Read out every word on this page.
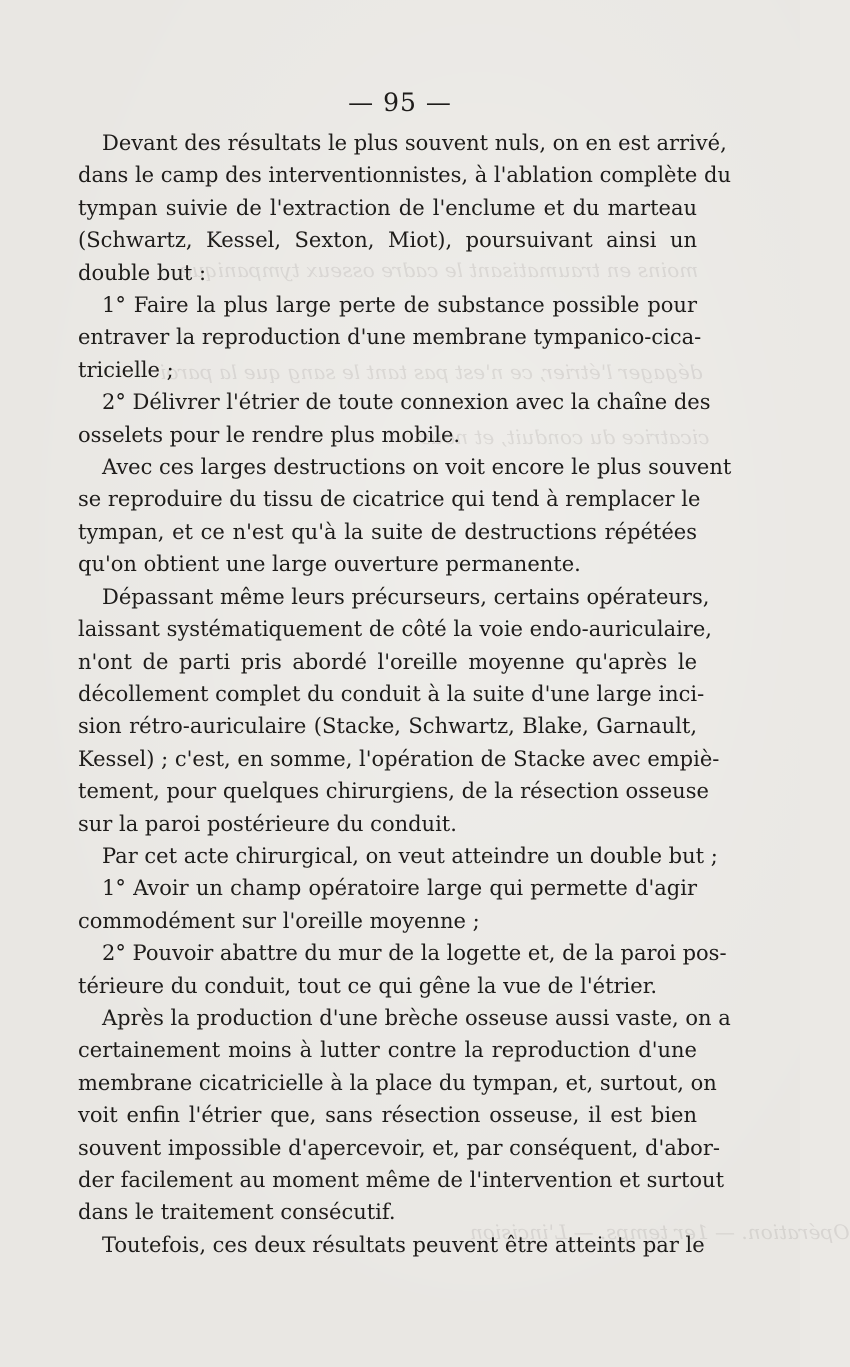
moins en traumatisant le cadre osseux tympanique
dégager l'étrier, ce n'est pas tant le sang que la paroi
cicatrice du conduit, et nous
Opération. — 1er temps. — L'incision
— 95 —
Devant des résultats le plus souvent nuls, on en est arrivé,
dans le camp des interventionnistes, à l'ablation complète du
tympan suivie de l'extraction de l'enclume et du marteau
(Schwartz, Kessel, Sexton, Miot), poursuivant ainsi un
double but :
1° Faire la plus large perte de substance possible pour
entraver la reproduction d'une membrane tympanico-cica-
tricielle ;
2° Délivrer l'étrier de toute connexion avec la chaîne des
osselets pour le rendre plus mobile.
Avec ces larges destructions on voit encore le plus souvent
se reproduire du tissu de cicatrice qui tend à remplacer le
tympan, et ce n'est qu'à la suite de destructions répétées
qu'on obtient une large ouverture permanente.
Dépassant même leurs précurseurs, certains opérateurs,
laissant systématiquement de côté la voie endo-auriculaire,
n'ont de parti pris abordé l'oreille moyenne qu'après le
décollement complet du conduit à la suite d'une large inci-
sion rétro-auriculaire (Stacke, Schwartz, Blake, Garnault,
Kessel) ; c'est, en somme, l'opération de Stacke avec empiè-
tement, pour quelques chirurgiens, de la résection osseuse
sur la paroi postérieure du conduit.
Par cet acte chirurgical, on veut atteindre un double but ;
1° Avoir un champ opératoire large qui permette d'agir
commodément sur l'oreille moyenne ;
2° Pouvoir abattre du mur de la logette et, de la paroi pos-
térieure du conduit, tout ce qui gêne la vue de l'étrier.
Après la production d'une brèche osseuse aussi vaste, on a
certainement moins à lutter contre la reproduction d'une
membrane cicatricielle à la place du tympan, et, surtout, on
voit enfin l'étrier que, sans résection osseuse, il est bien
souvent impossible d'apercevoir, et, par conséquent, d'abor-
der facilement au moment même de l'intervention et surtout
dans le traitement consécutif.
Toutefois, ces deux résultats peuvent être atteints par le
